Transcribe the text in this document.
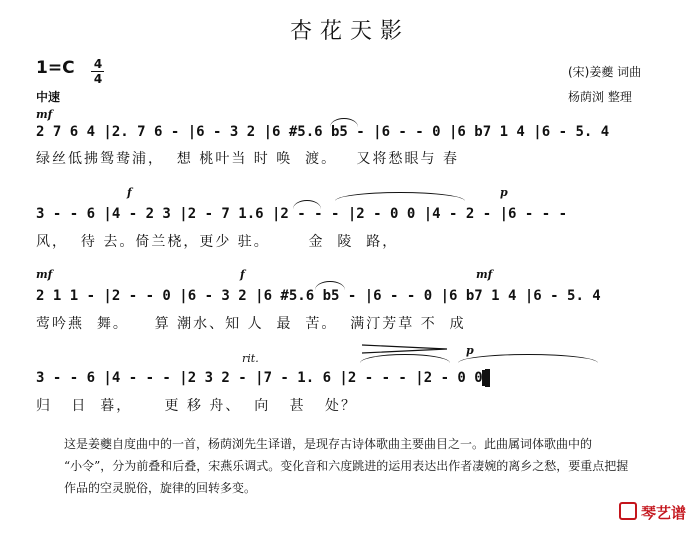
杏花天影
1=C 4
4
中速
(宋)姜夔 词曲
杨荫浏 整理
mf
2 7 6 4 |2. 7 6 - |6 - 3 2 |6 #5.6 b5 - |6 - - 0 |6 b7 1 4 |6 - 5. 4
绿丝低拂鸳鸯浦，  想 桃叶当 时 唤  渡。   又将愁眼与 春
f	p
3 - - 6 |4 - 2 3 |2 - 7 1.6 |2 - - - |2 - 0 0 |4 - 2 - |6 - - -
风，  待 去。倚兰桡，更少 驻。      金  陵  路，
mf	f	mf
2 1 1 - |2 - - 0 |6 - 3 2 |6 #5.6 b5 - |6 - - 0 |6 b7 1 4 |6 - 5. 4
莺吟燕  舞。    算 潮水、知 人  最  苦。  满汀芳草 不  成
rit.
p
3 - - 6 |4 - - - |2 3 2 - |7 - 1. 6 |2 - - - |2 - 0 0
归   日  暮，     更 移 舟、  向   甚   处？

这是姜夔自度曲中的一首，杨荫浏先生译谱，是现存古诗体歌曲主要曲目之一。此曲属词体歌曲中的

“小令”，分为前叠和后叠，宋燕乐调式。变化音和六度跳进的运用表达出作者凄婉的离乡之愁，要重点把握

作品的空灵脱俗，旋律的回转多变。

琴艺谱
